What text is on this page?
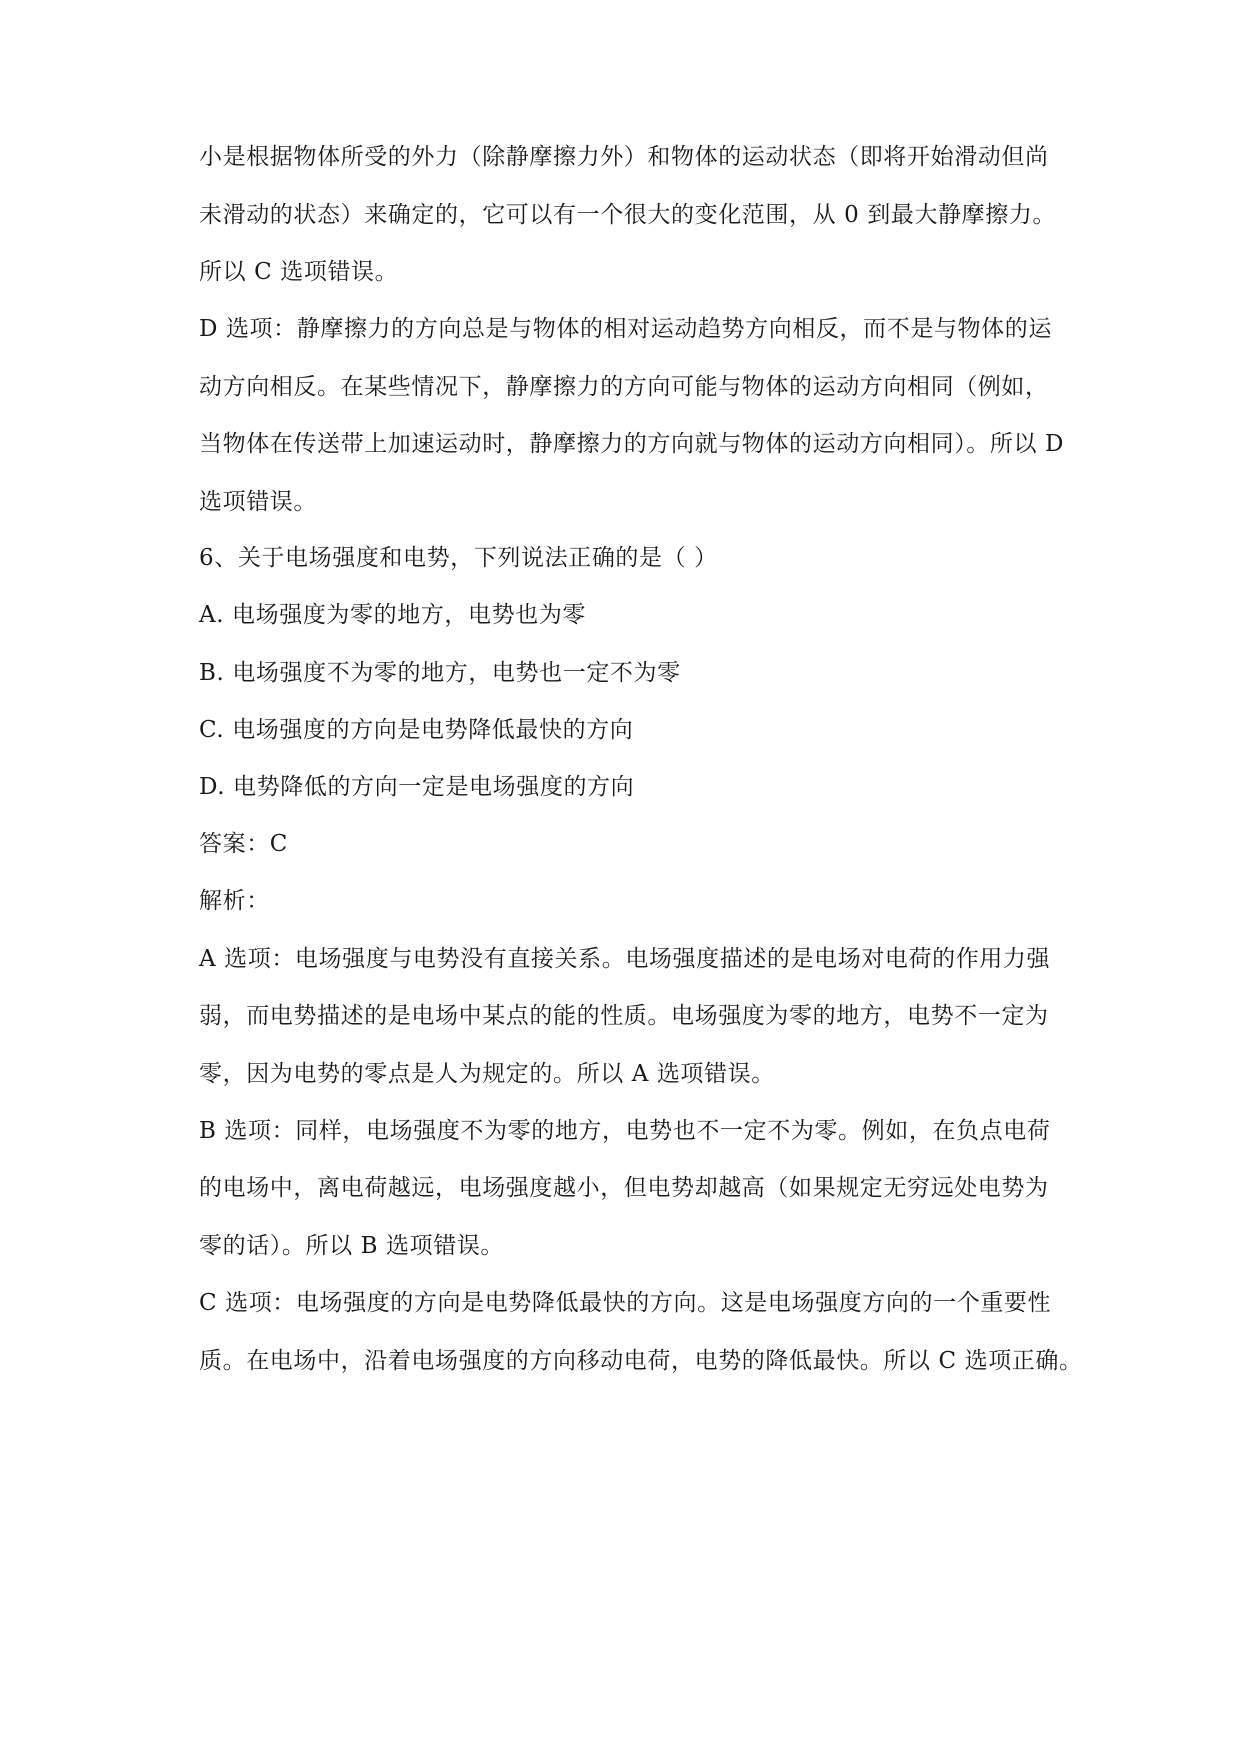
小是根据物体所受的外力（除静摩擦力外）和物体的运动状态（即将开始滑动但尚
未滑动的状态）来确定的，它可以有一个很大的变化范围，从 0 到最大静摩擦力。
所以 C 选项错误。
D 选项：静摩擦力的方向总是与物体的相对运动趋势方向相反，而不是与物体的运
动方向相反。在某些情况下，静摩擦力的方向可能与物体的运动方向相同（例如，
当物体在传送带上加速运动时，静摩擦力的方向就与物体的运动方向相同）。所以 D
选项错误。
6、关于电场强度和电势，下列说法正确的是（ ）
A. 电场强度为零的地方，电势也为零
B. 电场强度不为零的地方，电势也一定不为零
C. 电场强度的方向是电势降低最快的方向
D. 电势降低的方向一定是电场强度的方向
答案：C
解析：
A 选项：电场强度与电势没有直接关系。电场强度描述的是电场对电荷的作用力强
弱，而电势描述的是电场中某点的能的性质。电场强度为零的地方，电势不一定为
零，因为电势的零点是人为规定的。所以 A 选项错误。
B 选项：同样，电场强度不为零的地方，电势也不一定不为零。例如，在负点电荷
的电场中，离电荷越远，电场强度越小，但电势却越高（如果规定无穷远处电势为
零的话）。所以 B 选项错误。
C 选项：电场强度的方向是电势降低最快的方向。这是电场强度方向的一个重要性
质。在电场中，沿着电场强度的方向移动电荷，电势的降低最快。所以 C 选项正确。
